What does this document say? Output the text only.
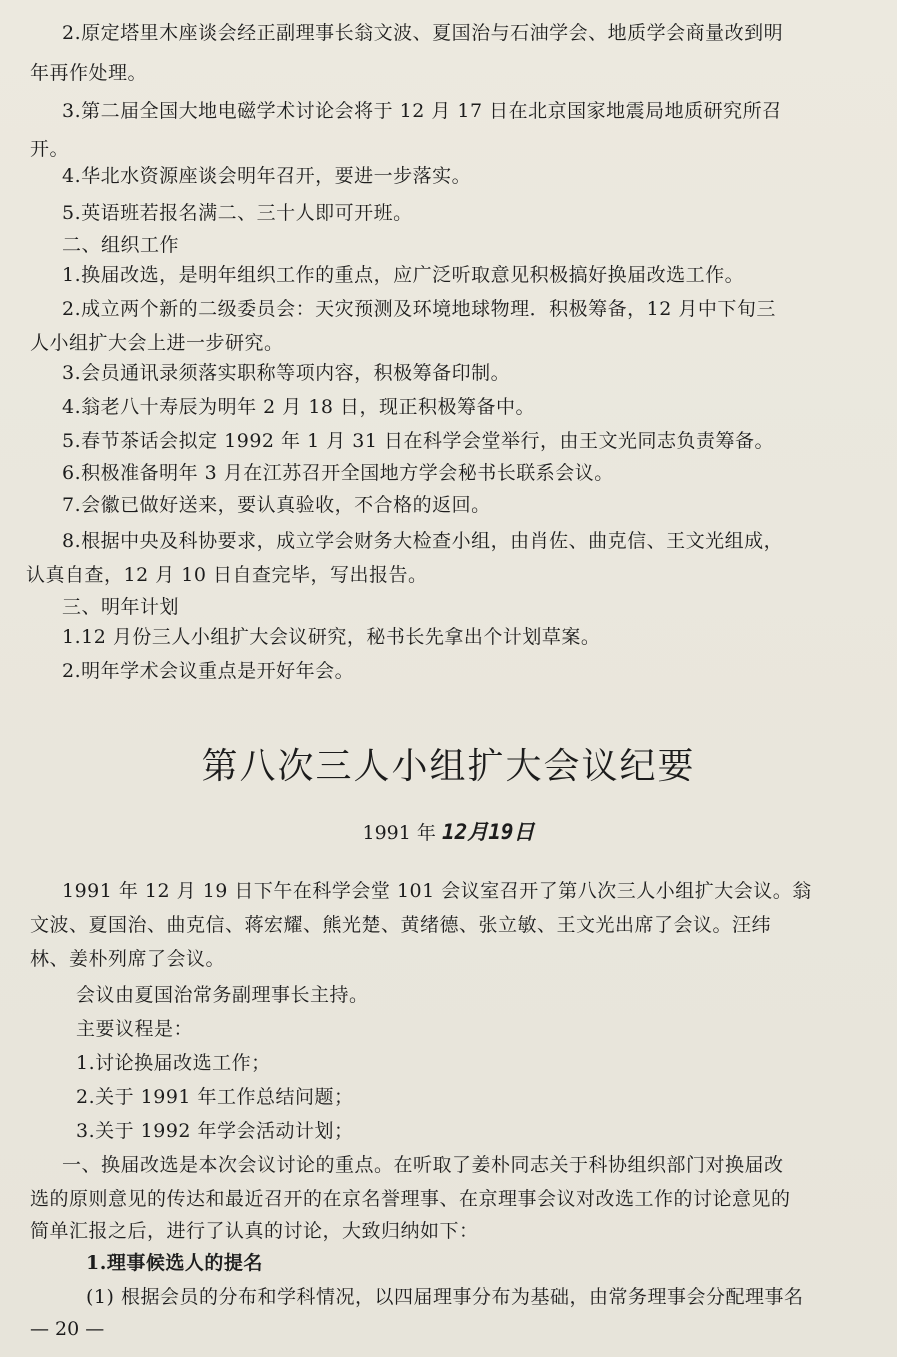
2.原定塔里木座谈会经正副理事长翁文波、夏国治与石油学会、地质学会商量改到明
年再作处理。
3.第二届全国大地电磁学术讨论会将于 12 月 17 日在北京国家地震局地质研究所召
开。
4.华北水资源座谈会明年召开，要进一步落实。
5.英语班若报名满二、三十人即可开班。
二、组织工作
1.换届改选，是明年组织工作的重点，应广泛听取意见积极搞好换届改选工作。
2.成立两个新的二级委员会：天灾预测及环境地球物理．积极筹备，12 月中下旬三
人小组扩大会上进一步研究。
3.会员通讯录须落实职称等项内容，积极筹备印制。
4.翁老八十寿辰为明年 2 月 18 日，现正积极筹备中。
5.春节茶话会拟定 1992 年 1 月 31 日在科学会堂举行，由王文光同志负责筹备。
6.积极准备明年 3 月在江苏召开全国地方学会秘书长联系会议。
7.会徽已做好送来，要认真验收，不合格的返回。
8.根据中央及科协要求，成立学会财务大检查小组，由肖佐、曲克信、王文光组成，
认真自查，12 月 10 日自查完毕，写出报告。
三、明年计划
1.12 月份三人小组扩大会议研究，秘书长先拿出个计划草案。
2.明年学术会议重点是开好年会。
第八次三人小组扩大会议纪要
1991 年 12月19日
1991 年 12 月 19 日下午在科学会堂 101 会议室召开了第八次三人小组扩大会议。翁
文波、夏国治、曲克信、蒋宏耀、熊光楚、黄绪德、张立敏、王文光出席了会议。汪纬
林、姜朴列席了会议。
会议由夏国治常务副理事长主持。
主要议程是：
1.讨论换届改选工作；
2.关于 1991 年工作总结问题；
3.关于 1992 年学会活动计划；
一、换届改选是本次会议讨论的重点。在听取了姜朴同志关于科协组织部门对换届改
选的原则意见的传达和最近召开的在京名誉理事、在京理事会议对改选工作的讨论意见的
简单汇报之后，进行了认真的讨论，大致归纳如下：
1.理事候选人的提名
(1) 根据会员的分布和学科情况，以四届理事分布为基础，由常务理事会分配理事名
— 20 —
